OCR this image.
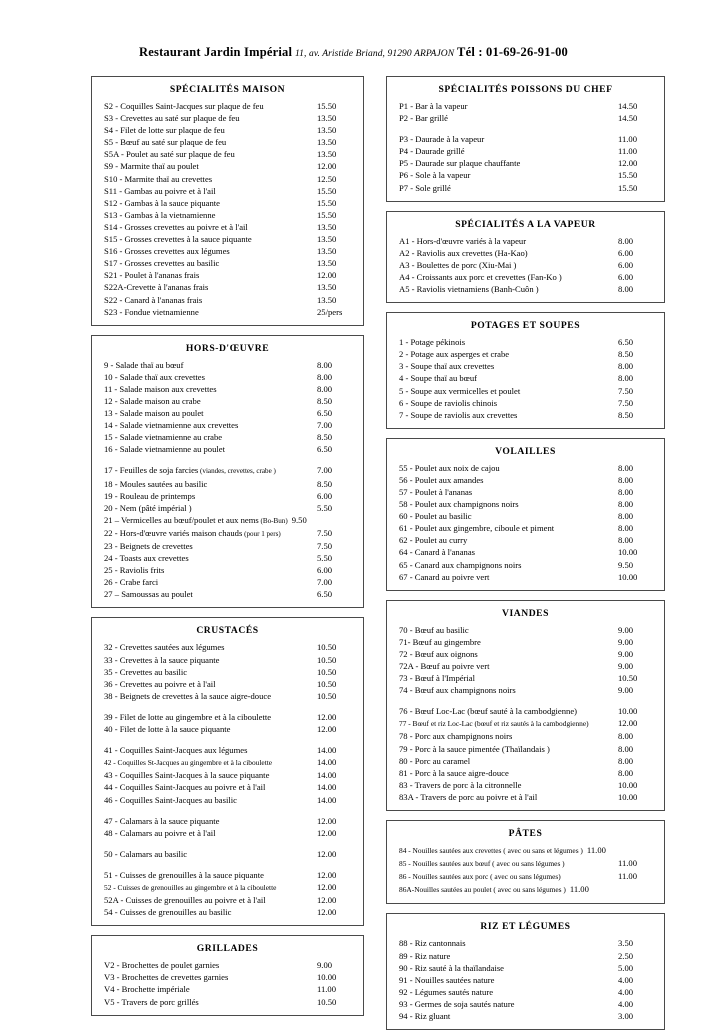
Restaurant Jardin Impérial 11, av. Aristide Briand, 91290 ARPAJON Tél : 01-69-26-91-00
SPÉCIALITÉS MAISON
S2 - Coquilles Saint-Jacques sur plaque de feu	15.50
S3 - Crevettes au saté sur plaque de feu	13.50
S4 - Filet de lotte sur plaque de feu	13.50
S5 - Bœuf au saté sur plaque de feu	13.50
S5A - Poulet au saté sur plaque de feu	13.50
S9 - Marmite thaï au poulet	12.00
S10 - Marmite thaï au crevettes	12.50
S11 - Gambas au poivre et à l'ail	15.50
S12 - Gambas à la sauce piquante	15.50
S13 - Gambas à la vietnamienne	15.50
S14 - Grosses crevettes au poivre et à l'ail	13.50
S15 - Grosses crevettes à la sauce piquante	13.50
S16 - Grosses crevettes aux légumes	13.50
S17 - Grosses crevettes au basilic	13.50
S21 - Poulet à l'ananas frais	12.00
S22A-Crevette à l'ananas frais	13.50
S22 - Canard à l'ananas frais	13.50
S23 - Fondue vietnamienne	25/pers
HORS-D'ŒUVRE
9 - Salade thaï au bœuf	8.00
10 - Salade thaï aux crevettes	8.00
11 - Salade maison aux crevettes	8.00
12 - Salade maison au crabe	8.50
13 - Salade maison au poulet	6.50
14 - Salade vietnamienne aux crevettes	7.00
15 - Salade vietnamienne au crabe	8.50
16 - Salade vietnamienne au poulet	6.50
17 - Feuilles de soja farcies (viandes, crevettes, crabe )	7.00
18 - Moules sautées au basilic	8.50
19 - Rouleau de printemps	6.00
20 - Nem (pâté impérial )	5.50
21 – Vermicelles au bœuf/poulet et aux nems (Bo-Bun) 9.50
22 - Hors-d'œuvre variés maison chauds (pour 1 pers)	7.50
23 - Beignets de crevettes	7.50
24 - Toasts aux crevettes	5.50
25 - Raviolis frits	6.00
26 - Crabe farci	7.00
27 – Samoussas au poulet	6.50
CRUSTACÉS
32 - Crevettes sautées aux légumes	10.50
33 - Crevettes à la sauce piquante	10.50
35 - Crevettes au basilic	10.50
36 - Crevettes au poivre et à l'ail	10.50
38 - Beignets de crevettes à la sauce aigre-douce	10.50
39 - Filet de lotte au gingembre et à la ciboulette	12.00
40 - Filet de lotte à la sauce piquante	12.00
41 - Coquilles Saint-Jacques aux légumes	14.00
42 - Coquilles St-Jacques au gingembre et à la ciboulette	14.00
43 - Coquilles Saint-Jacques à la sauce piquante	14.00
44 - Coquilles Saint-Jacques au poivre et à l'ail	14.00
46 - Coquilles Saint-Jacques au basilic	14.00
47 - Calamars à la sauce piquante	12.00
48 - Calamars au poivre et à l'ail	12.00
50 - Calamars au basilic	12.00
51 - Cuisses de grenouilles à la sauce piquante	12.00
52 - Cuisses de grenouilles au gingembre et à la ciboulette	12.00
52A - Cuisses de grenouilles au poivre et à l'ail	12.00
54 - Cuisses de grenouilles au basilic	12.00
GRILLADES
V2 - Brochettes de poulet garnies	9.00
V3 - Brochettes de crevettes garnies	10.00
V4 - Brochette impériale	11.00
V5 - Travers de porc grillés	10.50
SPÉCIALITÉS POISSONS DU CHEF
P1 - Bar à la vapeur	14.50
P2 - Bar grillé	14.50
P3 - Daurade à la vapeur	11.00
P4 - Daurade grillé	11.00
P5 - Daurade sur plaque chauffante	12.00
P6 - Sole à la vapeur	15.50
P7 - Sole grillé	15.50
SPÉCIALITÉS A LA VAPEUR
A1 - Hors-d'œuvre variés à la vapeur	8.00
A2 - Raviolis aux crevettes (Ha-Kao)	6.00
A3 - Boulettes de porc (Xiu-Mai )	6.00
A4 - Croissants aux porc et crevettes (Fan-Ko )	6.00
A5 - Raviolis vietnamiens (Banh-Cuôn )	8.00
POTAGES ET SOUPES
1 - Potage pékinois	6.50
2 - Potage aux asperges et crabe	8.50
3 - Soupe thaï aux crevettes	8.00
4 - Soupe thaï au bœuf	8.00
5 - Soupe aux vermicelles et poulet	7.50
6 - Soupe de raviolis chinois	7.50
7 - Soupe de raviolis aux crevettes	8.50
VOLAILLES
55 - Poulet aux noix de cajou	8.00
56 - Poulet aux amandes	8.00
57 - Poulet à l'ananas	8.00
58 - Poulet aux champignons noirs	8.00
60 - Poulet au basilic	8.00
61 - Poulet aux gingembre, ciboule et piment	8.00
62 - Poulet au curry	8.00
64 - Canard à l'ananas	10.00
65 - Canard aux champignons noirs	9.50
67 - Canard au poivre vert	10.00
VIANDES
70 - Bœuf au basilic	9.00
71- Bœuf au gingembre	9.00
72 - Bœuf aux oignons	9.00
72A - Bœuf au poivre vert	9.00
73 - Bœuf à l'Impérial	10.50
74 - Bœuf aux champignons noirs	9.00
76 - Bœuf Loc-Lac (bœuf sauté à la cambodgienne)	10.00
77 - Bœuf et riz Loc-Lac (bœuf et riz sautés à la cambodgienne)	12.00
78 - Porc aux champignons noirs	8.00
79 - Porc à la sauce pimentée (Thaïlandais )	8.00
80 - Porc au caramel	8.00
81 - Porc à la sauce aigre-douce	8.00
83 - Travers de porc à la citronnelle	10.00
83A - Travers de porc au poivre et à l'ail	10.00
PÂTES
84 - Nouilles sautées aux crevettes ( avec ou sans et légumes ) 11.00
85 - Nouilles sautées aux bœuf ( avec ou sans légumes )	11.00
86 - Nouilles sautées aux porc ( avec ou sans légumes)	11.00
86A-Nouilles sautées au poulet ( avec ou sans légumes ) 11.00
RIZ ET LÉGUMES
88 - Riz cantonnais	3.50
89 - Riz nature	2.50
90 - Riz sauté à la thaïlandaise	5.00
91 - Nouilles sautées nature	4.00
92 - Légumes sautés nature	4.00
93 - Germes de soja sautés nature	4.00
94 - Riz gluant	3.00
